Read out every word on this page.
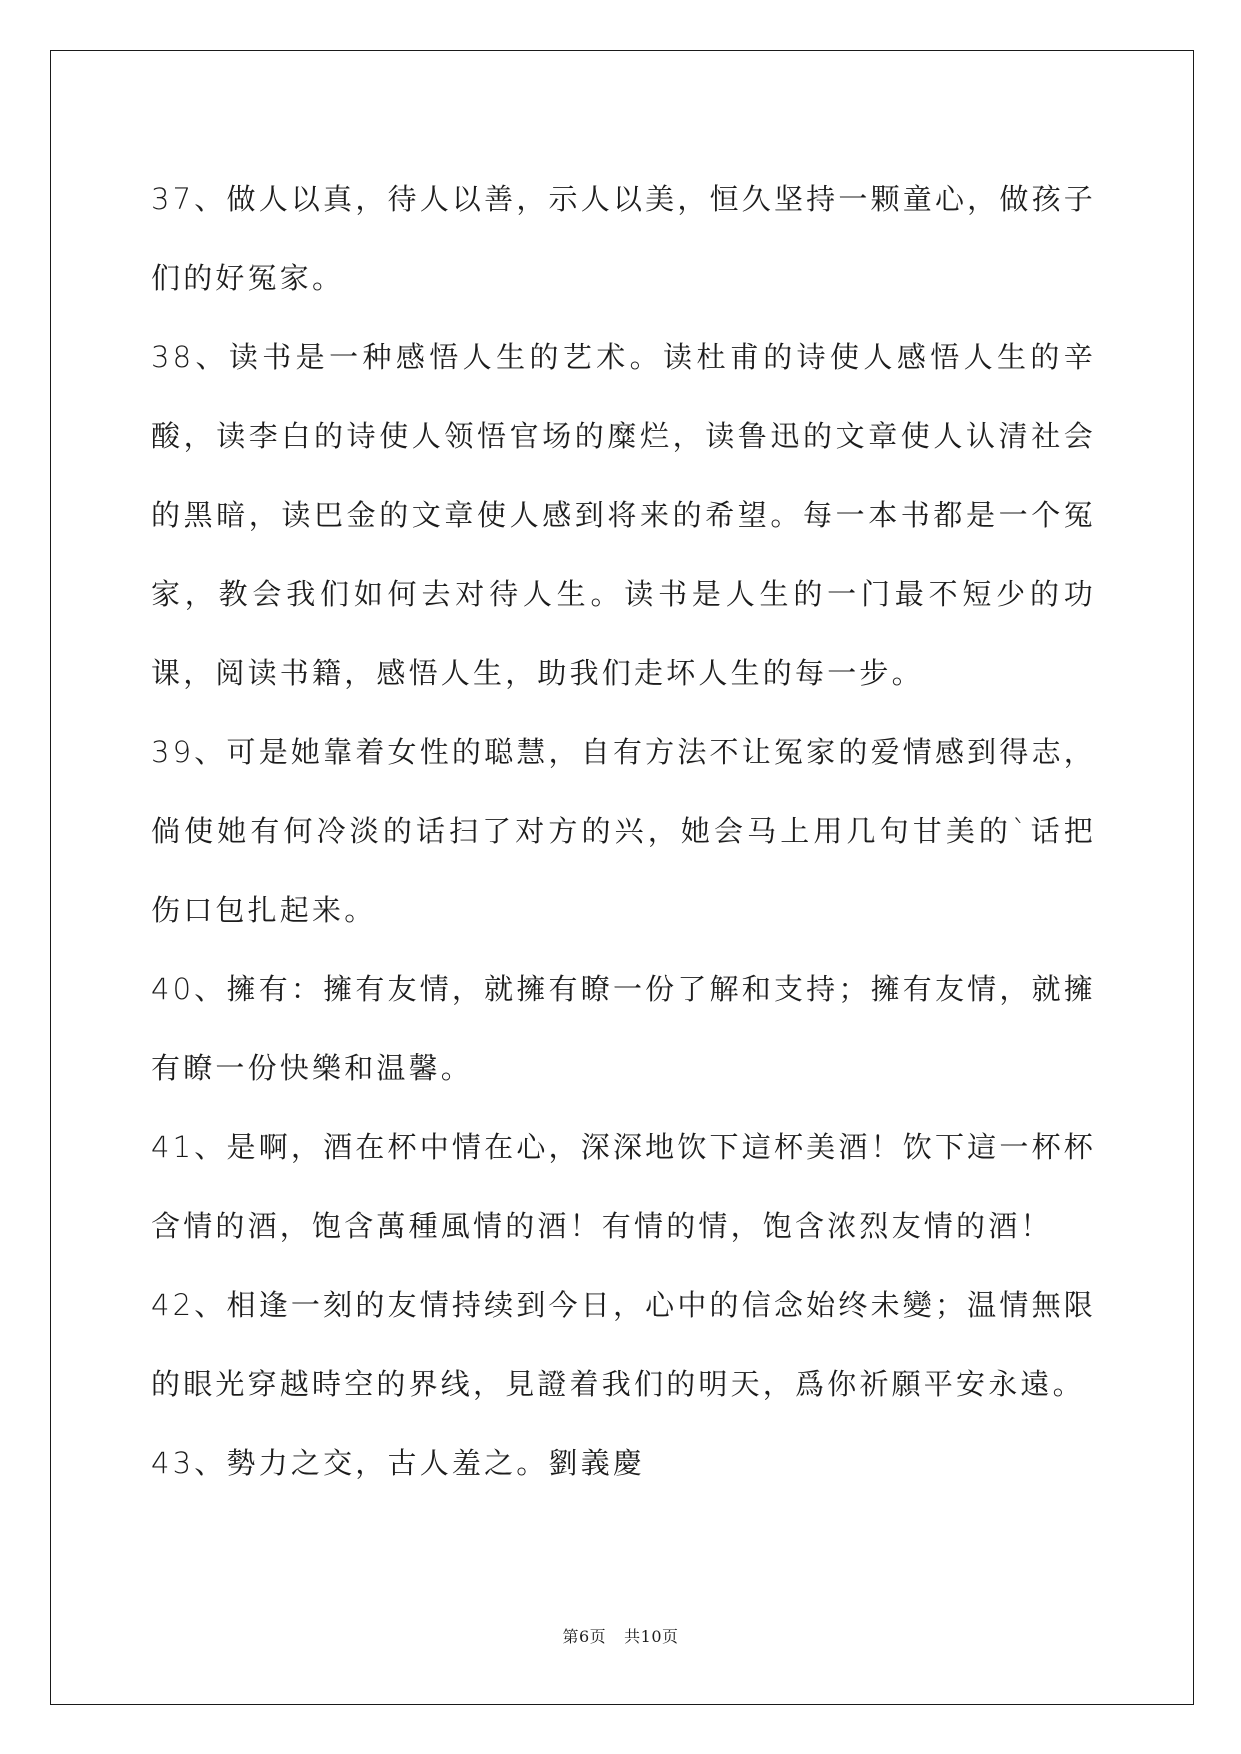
37、做人以真，待人以善，示人以美，恒久坚持一颗童心，做孩子们的好冤家。

38、读书是一种感悟人生的艺术。读杜甫的诗使人感悟人生的辛酸，读李白的诗使人领悟官场的糜烂，读鲁迅的文章使人认清社会的黑暗，读巴金的文章使人感到将来的希望。每一本书都是一个冤家，教会我们如何去对待人生。读书是人生的一门最不短少的功课，阅读书籍，感悟人生，助我们走坏人生的每一步。

39、可是她靠着女性的聪慧，自有方法不让冤家的爱情感到得志，倘使她有何冷淡的话扫了对方的兴，她会马上用几句甘美的`话把伤口包扎起来。

40、擁有：擁有友情，就擁有瞭一份了解和支持；擁有友情，就擁有瞭一份快樂和温馨。

41、是啊，酒在杯中情在心，深深地饮下這杯美酒！饮下這一杯杯含情的酒，饱含萬種風情的酒！有情的情，饱含浓烈友情的酒！

42、相逢一刻的友情持续到今日，心中的信念始终未變；温情無限的眼光穿越時空的界线，見證着我们的明天，爲你祈願平安永遠。

43、勢力之交，古人羞之。劉義慶

第6页 共10页
